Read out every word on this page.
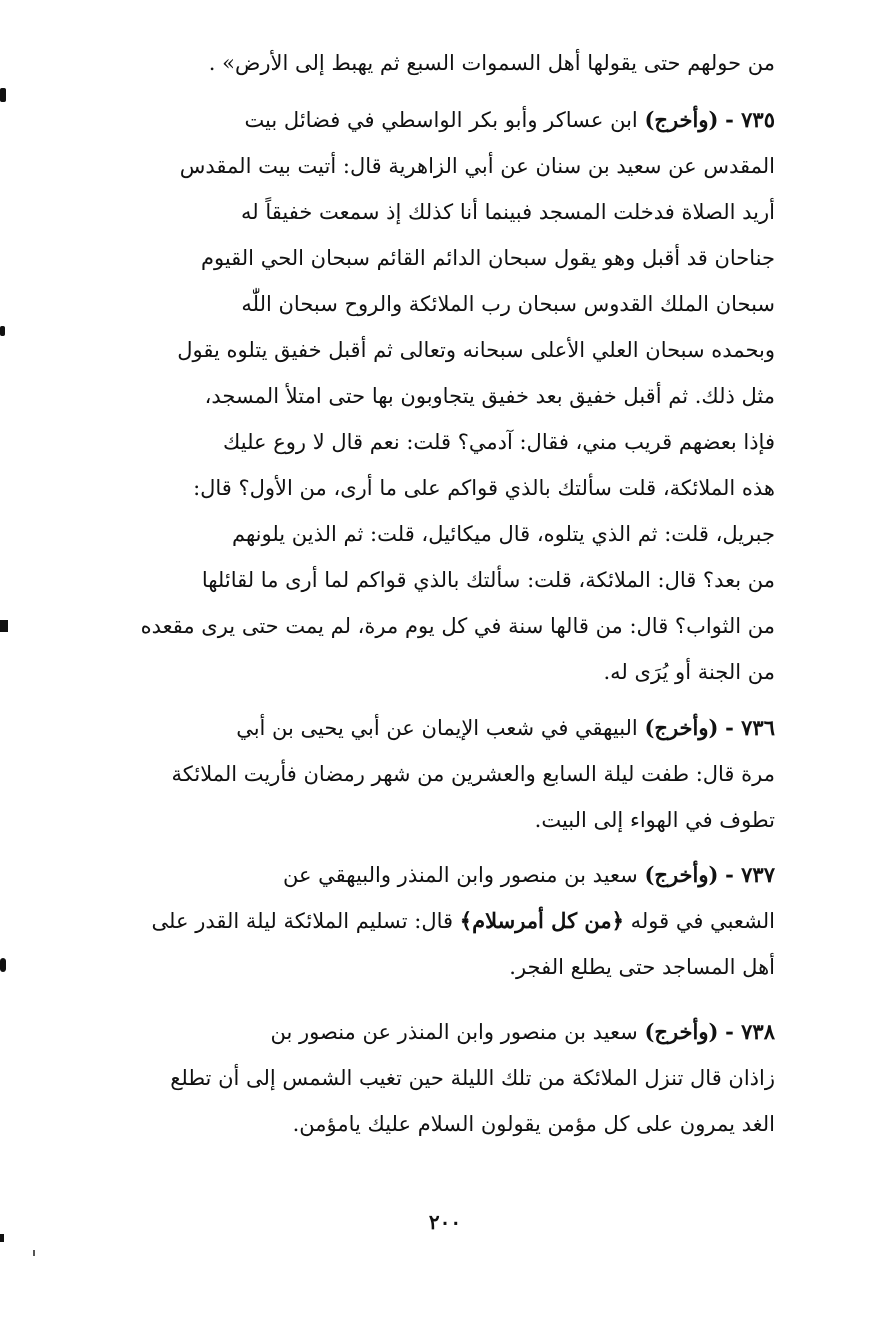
من حولهم حتى يقولها أهل السموات السبع ثم يهبط إلى الأرض» .
٧٣٥ - (وأخرج) ابن عساكر وأبو بكر الواسطي في فضائل بيت
المقدس عن سعيد بن سنان عن أبي الزاهرية قال: أتيت بيت المقدس
أريد الصلاة فدخلت المسجد فبينما أنا كذلك إذ سمعت خفيقاً له
جناحان قد أقبل وهو يقول سبحان الدائم القائم سبحان الحي القيوم
سبحان الملك القدوس سبحان رب الملائكة والروح سبحان اللّٰه
وبحمده سبحان العلي الأعلى سبحانه وتعالى ثم أقبل خفيق يتلوه يقول
مثل ذلك. ثم أقبل خفيق بعد خفيق يتجاوبون بها حتى امتلأ المسجد،
فإذا بعضهم قريب مني، فقال: آدمي؟ قلت: نعم قال لا روع عليك
هذه الملائكة، قلت سألتك بالذي قواكم على ما أرى، من الأول؟ قال:
جبريل، قلت: ثم الذي يتلوه، قال ميكائيل، قلت: ثم الذين يلونهم
من بعد؟ قال: الملائكة، قلت: سألتك بالذي قواكم لما أرى ما لقائلها
من الثواب؟ قال: من قالها سنة في كل يوم مرة، لم يمت حتى يرى مقعده
من الجنة أو يُرَى له.
٧٣٦ - (وأخرج) البيهقي في شعب الإيمان عن أبي يحيى بن أبي
مرة قال: طفت ليلة السابع والعشرين من شهر رمضان فأريت الملائكة
تطوف في الهواء إلى البيت.
٧٣٧ - (وأخرج) سعيد بن منصور وابن المنذر والبيهقي عن
الشعبي في قوله ﴿من كل أمرسلام﴾ قال: تسليم الملائكة ليلة القدر على
أهل المساجد حتى يطلع الفجر.
٧٣٨ - (وأخرج) سعيد بن منصور وابن المنذر عن منصور بن
زاذان قال تنزل الملائكة من تلك الليلة حين تغيب الشمس إلى أن تطلع
الغد يمرون على كل مؤمن يقولون السلام عليك يامؤمن.
٢٠٠
